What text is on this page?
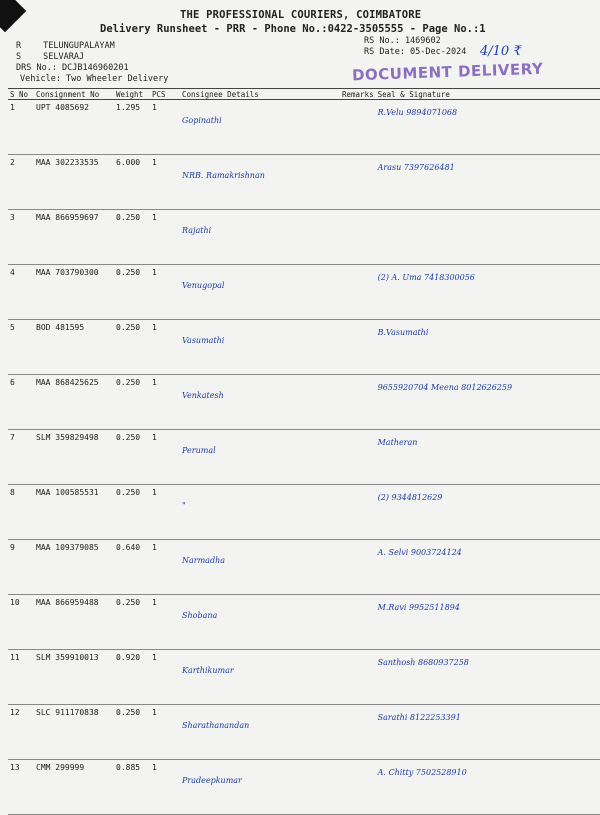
THE PROFESSIONAL COURIERS, COIMBATORE
Delivery Runsheet - PRR - Phone No.:0422-3505555 - Page No.:1
R	TELUNGUPALAYAM
S	SELVARAJ
DRS No.: DCJB146960201
Vehicle: Two Wheeler Delivery
RS No.: 1469602
RS Date: 05-Dec-2024 4/10 ₹
DOCUMENT DELIVERY
S No	Consignment No	Weight	PCS	Consignee Details	Remarks	Seal & Signature
1	UPT 4085692	1.295	1	Gopinathi		R.Velu 9894071068
2	MAA 302233535	6.000	1	NRB. Ramakrishnan		Arasu 7397626481
3	MAA 866959697	0.250	1	Rajathi		
4	MAA 703790300	0.250	1	Venugopal		(2) A. Uma 7418300056
5	BOD 481595	0.250	1	Vasumathi		B.Vasumathi
6	MAA 868425625	0.250	1	Venkatesh		9655920704 Meena 8012626259
7	SLM 359829498	0.250	1	Perumal		Matheran
8	MAA 100585531	0.250	1	"		(2) 9344812629
9	MAA 109379085	0.640	1	Narmadha		A. Selvi 9003724124
10	MAA 866959488	0.250	1	Shobana		M.Ravi 9952511894
11	SLM 359910013	0.920	1	Karthikumar		Santhosh 8680937258
12	SLC 911170838	0.250	1	Sharathanandan		Sarathi 8122253391
13	CMM 299999	0.885	1	Pradeepkumar		A. Chitty 7502528910
